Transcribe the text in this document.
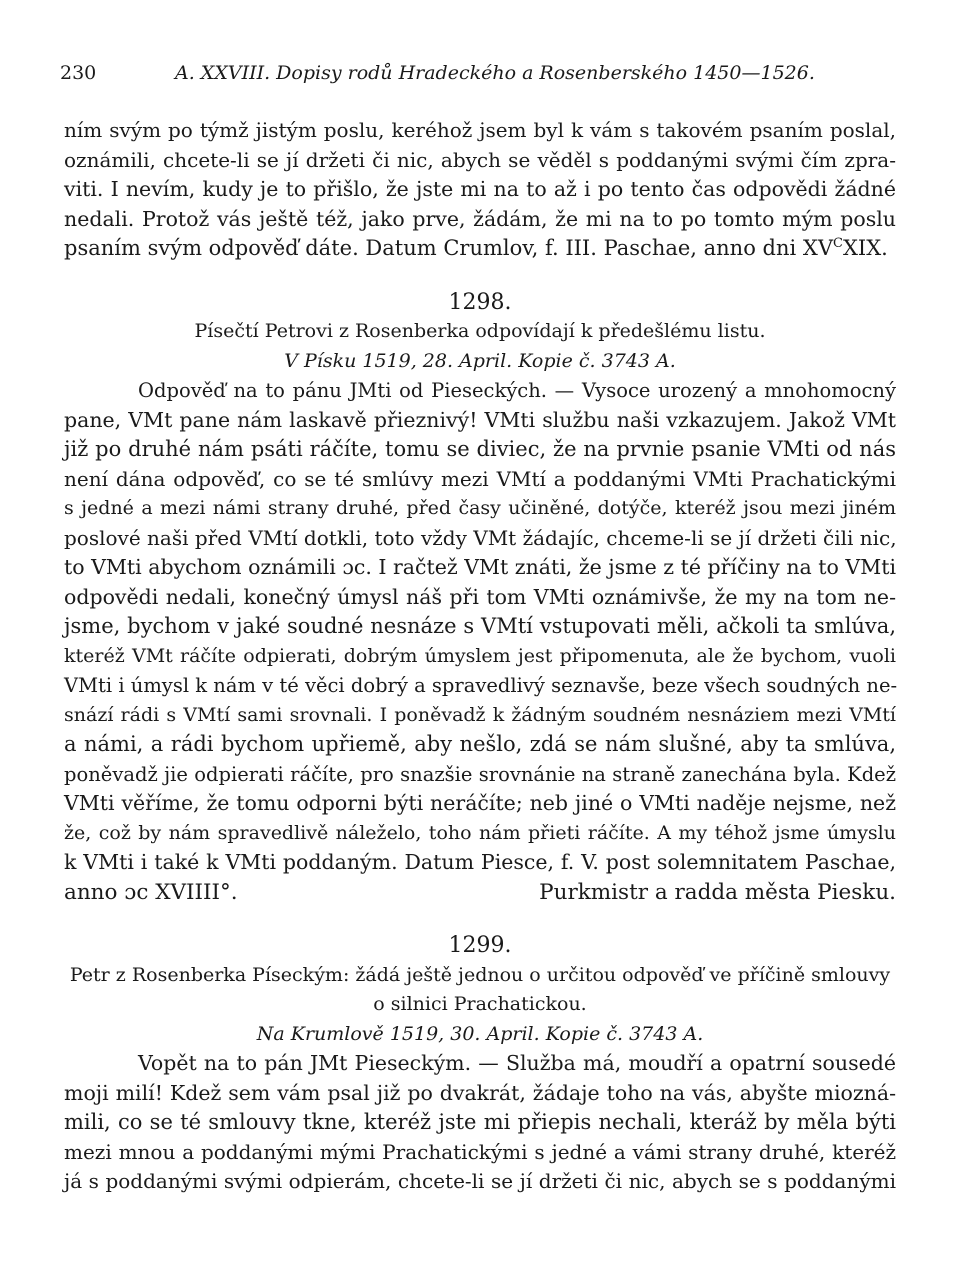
230	A. XXVIII. Dopisy rodů Hradeckého a Rosenberského 1450—1526.
ním svým po týmž jistým poslu, keréhož jsem byl k vám s takovém psaním poslal,
oznámili, chcete-li se jí držeti či nic, abych se věděl s poddanými svými čím zpra-
viti. I nevím, kudy je to přišlo, že jste mi na to až i po tento čas odpovědi žádné
nedali. Protož vás ještě též, jako prve, žádám, že mi na to po tomto mým poslu
psaním svým odpověď dáte. Datum Crumlov, f. III. Paschae, anno dni $XV^CXIX$.
1298.
Písečtí Petrovi z Rosenberka odpovídají k předešlému listu.
V Písku 1519, 28. April. Kopie č. 3743 A.
Odpověď na to pánu JMti od Pieseckých. — Vysoce urozený a mnohomocný
pane, VMt pane nám laskavě přieznivý! VMti službu naši vzkazujem. Jakož VMt
již po druhé nám psáti ráčíte, tomu se diviec, že na prvnie psanie VMti od nás
není dána odpověď, co se té smlúvy mezi VMtí a poddanými VMti Prachatickými
s jedné a mezi námi strany druhé, před časy učiněné, dotýče, kteréž jsou mezi jiném
poslové naši před VMtí dotkli, toto vždy VMt žádajíc, chceme-li se jí držeti čili nic,
to VMti abychom oznámili ɔc. I račtež VMt znáti, že jsme z té příčiny na to VMti
odpovědi nedali, konečný úmysl náš při tom VMti oznámivše, že my na tom ne-
jsme, bychom v jaké soudné nesnáze s VMtí vstupovati měli, ačkoli ta smlúva,
kteréž VMt ráčíte odpierati, dobrým úmyslem jest připomenuta, ale že bychom, vuoli
VMti i úmysl k nám v té věci dobrý a spravedlivý seznavše, beze všech soudných ne-
snází rádi s VMtí sami srovnali. I poněvadž k žádným soudném nesnáziem mezi VMtí
a námi, a rádi bychom upřiemě, aby nešlo, zdá se nám slušné, aby ta smlúva,
poněvadž jie odpierati ráčíte, pro snazšie srovnánie na straně zanechána byla. Kdež
VMti věříme, že tomu odporni býti neráčíte; neb jiné o VMti naděje nejsme, než
že, což by nám spravedlivě náleželo, toho nám přieti ráčíte. A my téhož jsme úmyslu
k VMti i také k VMti poddaným. Datum Piesce, f. V. post solemnitatem Paschae,
anno ɔc XVIIII°.	Purkmistr a radda města Piesku.
1299.
Petr z Rosenberka Píseckým: žádá ještě jednou o určitou odpověď ve příčině smlouvy
o silnici Prachatickou.
Na Krumlově 1519, 30. April. Kopie č. 3743 A.
Vopět na to pán JMt Pieseckým. — Služba má, moudří a opatrní sousedé
moji milí! Kdež sem vám psal již po dvakrát, žádaje toho na vás, abyšte miozná-
mili, co se té smlouvy tkne, kteréž jste mi přiepis nechali, kteráž by měla býti
mezi mnou a poddanými mými Prachatickými s jedné a vámi strany druhé, kteréž
já s poddanými svými odpierám, chcete-li se jí držeti či nic, abych se s poddanými
